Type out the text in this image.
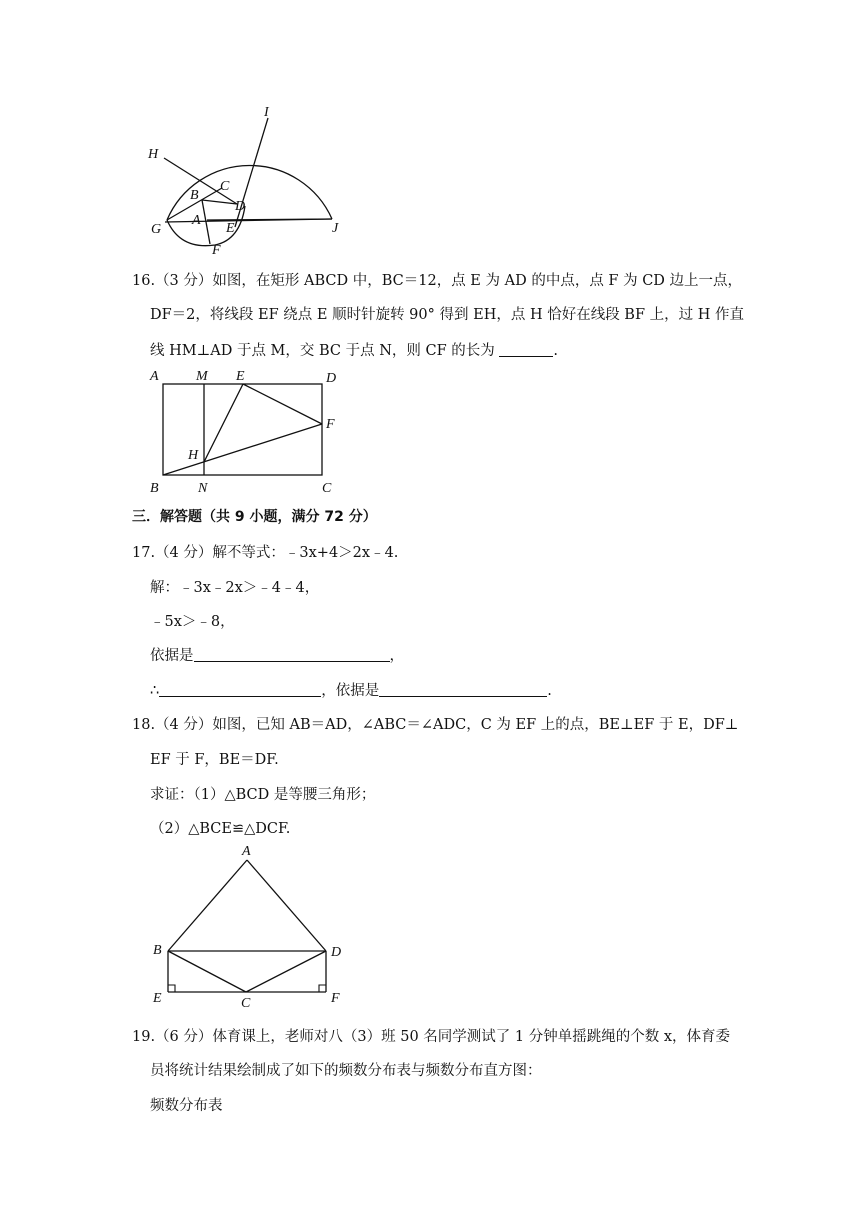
I
H
C
B
A
D
G	E
F
J
16.（3 分）如图，在矩形 ABCD 中，BC＝12，点 E 为 AD 的中点，点 F 为 CD 边上一点，
DF＝2，将线段 EF 绕点 E 顺时针旋转 90° 得到 EH，点 H 恰好在线段 BF 上，过 H 作直
线 HM⊥AD 于点 M，交 BC 于点 N，则 CF 的长为	.
A	M E	D
F
H
B	N	C
三．解答题（共 9 小题，满分 72 分）
17.（4 分）解不等式：﹣3x+4＞2x﹣4.
解：﹣3x﹣2x＞﹣4﹣4，
﹣5x＞﹣8，
依据是	，
∴	，依据是	.
18.（4 分）如图，已知 AB＝AD，∠ABC＝∠ADC，C 为 EF 上的点，BE⊥EF 于 E，DF⊥
EF 于 F，BE＝DF.
求证：（1）△BCD 是等腰三角形；
（2）△BCE≌△DCF.
A
B	D
E	C	F
19.（6 分）体育课上，老师对八（3）班 50 名同学测试了 1 分钟单摇跳绳的个数 x，体育委
员将统计结果绘制成了如下的频数分布表与频数分布直方图：
频数分布表
